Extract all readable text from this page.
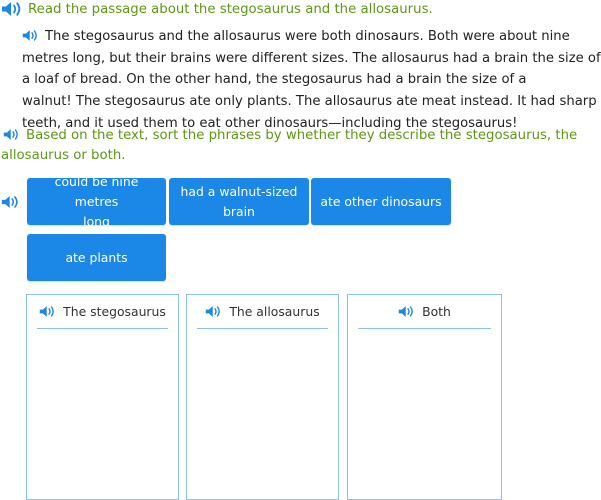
Read the passage about the stegosaurus and the allosaurus.
The stegosaurus and the allosaurus were both dinosaurs. Both were about nine
metres long, but their brains were different sizes. The allosaurus had a brain the size of
a loaf of bread. On the other hand, the stegosaurus had a brain the size of a
walnut! The stegosaurus ate only plants. The allosaurus ate meat instead. It had sharp
teeth, and it used them to eat other dinosaurs—including the stegosaurus!
Based on the text, sort the phrases by whether they describe the stegosaurus, the
allosaurus or both.
could be nine metres
long
had a walnut-sized brain
ate other dinosaurs
ate plants
The stegosaurus	The allosaurus	Both
